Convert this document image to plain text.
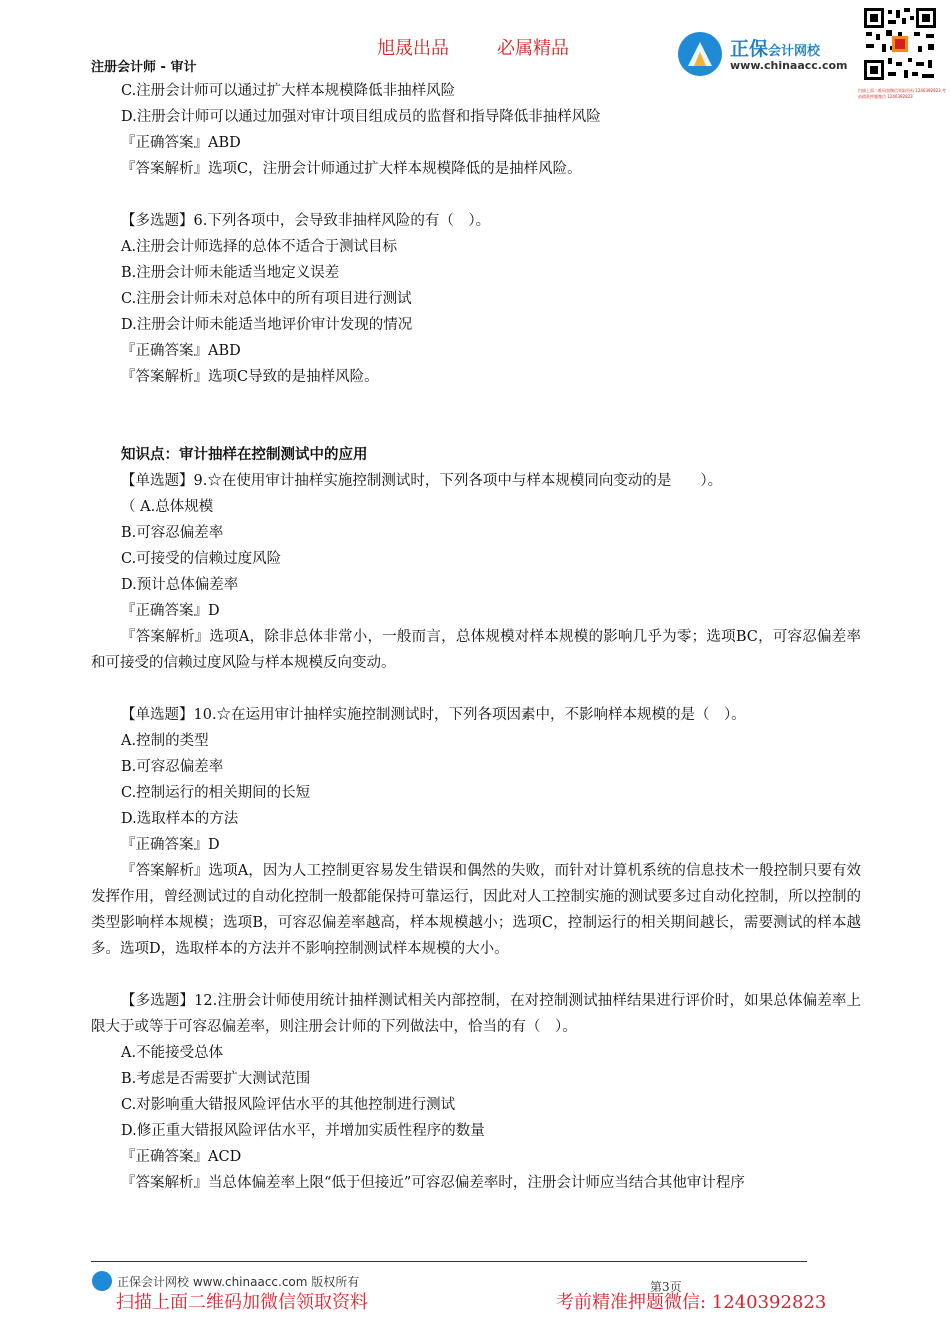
旭晟出品	必属精品
注册会计师 - 审计
正保会计网校
www.chinaacc.com
扫描上面二维码加微信领取资料 1240392823 考前精准押题微信 1240392823
C.注册会计师可以通过扩大样本规模降低非抽样风险
D.注册会计师可以通过加强对审计项目组成员的监督和指导降低非抽样风险
『正确答案』ABD
『答案解析』选项C，注册会计师通过扩大样本规模降低的是抽样风险。
【多选题】6.下列各项中，会导致非抽样风险的有（　）。
A.注册会计师选择的总体不适合于测试目标
B.注册会计师未能适当地定义误差
C.注册会计师未对总体中的所有项目进行测试
D.注册会计师未能适当地评价审计发现的情况
『正确答案』ABD
『答案解析』选项C导致的是抽样风险。
知识点：审计抽样在控制测试中的应用
【单选题】9.☆在使用审计抽样实施控制测试时，下列各项中与样本规模同向变动的是　　）。
（ A.总体规模
B.可容忍偏差率
C.可接受的信赖过度风险
D.预计总体偏差率
『正确答案』D
『答案解析』选项A，除非总体非常小，一般而言，总体规模对样本规模的影响几乎为零；选项BC，可容忍偏差率和可接受的信赖过度风险与样本规模反向变动。
【单选题】10.☆在运用审计抽样实施控制测试时，下列各项因素中，不影响样本规模的是（　）。
A.控制的类型
B.可容忍偏差率
C.控制运行的相关期间的长短
D.选取样本的方法
『正确答案』D
『答案解析』选项A，因为人工控制更容易发生错误和偶然的失败，而针对计算机系统的信息技术一般控制只要有效发挥作用，曾经测试过的自动化控制一般都能保持可靠运行，因此对人工控制实施的测试要多过自动化控制，所以控制的类型影响样本规模；选项B，可容忍偏差率越高，样本规模越小；选项C，控制运行的相关期间越长，需要测试的样本越多。选项D，选取样本的方法并不影响控制测试样本规模的大小。
【多选题】12.注册会计师使用统计抽样测试相关内部控制，在对控制测试抽样结果进行评价时，如果总体偏差率上限大于或等于可容忍偏差率，则注册会计师的下列做法中，恰当的有（　）。
A.不能接受总体
B.考虑是否需要扩大测试范围
C.对影响重大错报风险评估水平的其他控制进行测试
D.修正重大错报风险评估水平，并增加实质性程序的数量
『正确答案』ACD
『答案解析』当总体偏差率上限“低于但接近”可容忍偏差率时，注册会计师应当结合其他审计程序
正保会计网校 www.chinaacc.com 版权所有	第3页
扫描上面二维码加微信领取资料	考前精准押题微信: 1240392823
